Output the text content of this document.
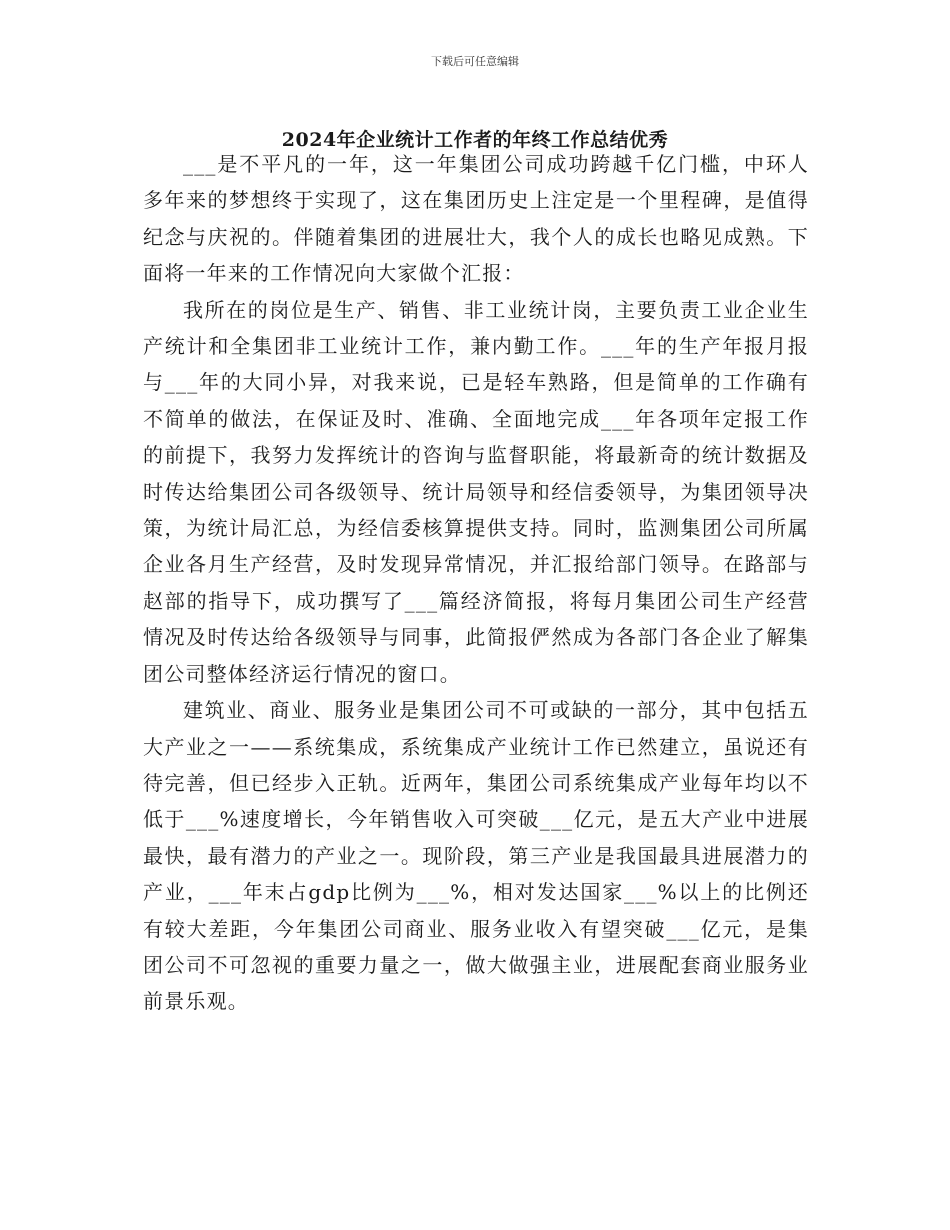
下载后可任意编辑
2024年企业统计工作者的年终工作总结优秀

___是不平凡的一年，这一年集团公司成功跨越千亿门槛，中环人多年来的梦想终于实现了，这在集团历史上注定是一个里程碑，是值得纪念与庆祝的。伴随着集团的进展壮大，我个人的成长也略见成熟。下面将一年来的工作情况向大家做个汇报：

我所在的岗位是生产、销售、非工业统计岗，主要负责工业企业生产统计和全集团非工业统计工作，兼内勤工作。___年的生产年报月报与___年的大同小异，对我来说，已是轻车熟路，但是简单的工作确有不简单的做法，在保证及时、准确、全面地完成___年各项年定报工作的前提下，我努力发挥统计的咨询与监督职能，将最新奇的统计数据及时传达给集团公司各级领导、统计局领导和经信委领导，为集团领导决策，为统计局汇总，为经信委核算提供支持。同时，监测集团公司所属企业各月生产经营，及时发现异常情况，并汇报给部门领导。在路部与赵部的指导下，成功撰写了___篇经济简报，将每月集团公司生产经营情况及时传达给各级领导与同事，此简报俨然成为各部门各企业了解集团公司整体经济运行情况的窗口。

建筑业、商业、服务业是集团公司不可或缺的一部分，其中包括五大产业之一——系统集成，系统集成产业统计工作已然建立，虽说还有待完善，但已经步入正轨。近两年，集团公司系统集成产业每年均以不低于___%速度增长，今年销售收入可突破___亿元，是五大产业中进展最快，最有潜力的产业之一。现阶段，第三产业是我国最具进展潜力的产业，___年末占gdp比例为___%，相对发达国家___%以上的比例还有较大差距，今年集团公司商业、服务业收入有望突破___亿元，是集团公司不可忽视的重要力量之一，做大做强主业，进展配套商业服务业前景乐观。
